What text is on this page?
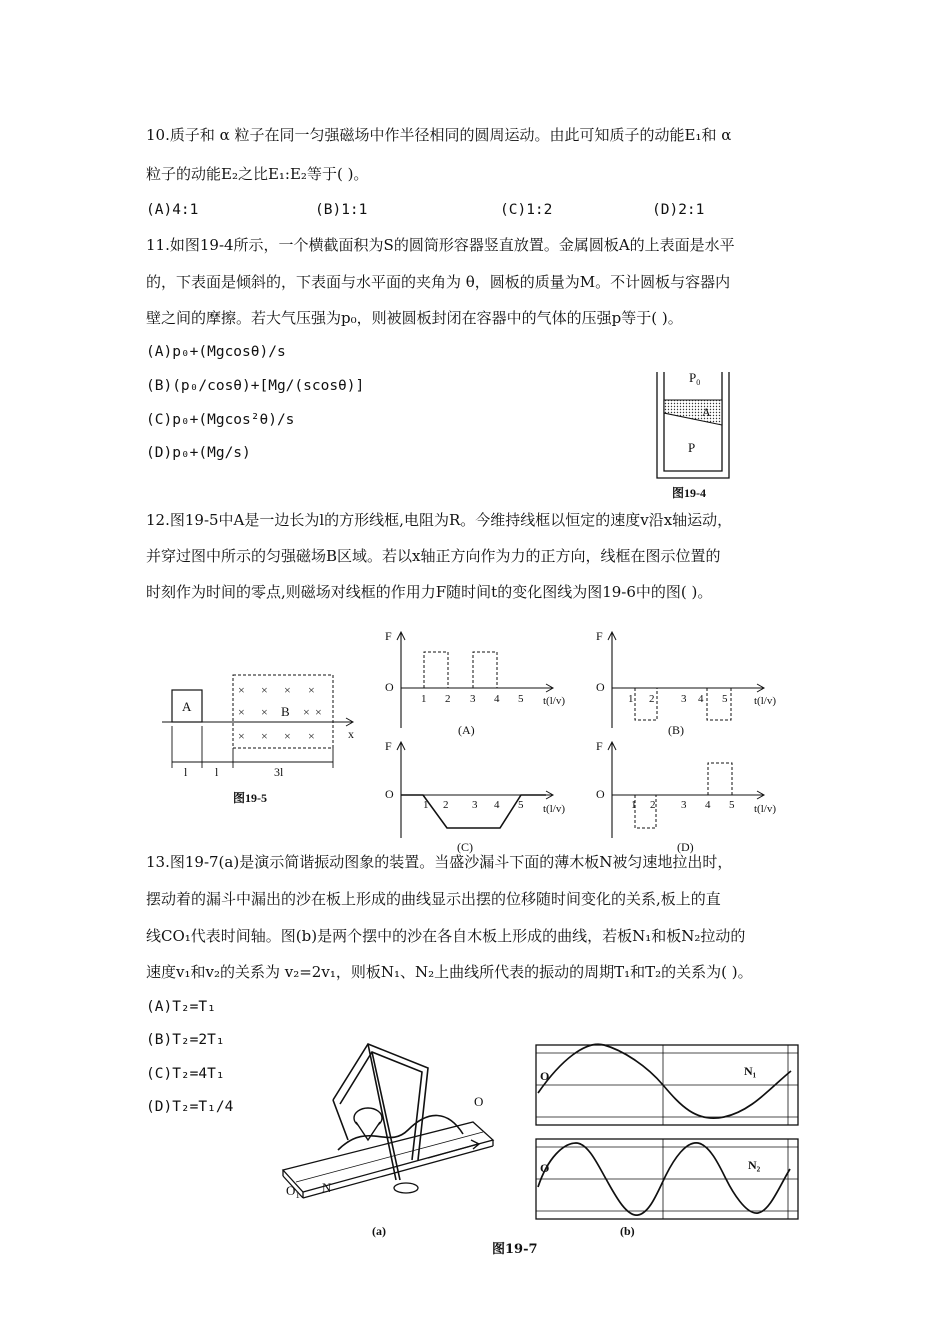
10.质子和 α 粒子在同一匀强磁场中作半径相同的圆周运动。由此可知质子的动能E₁和 α
粒子的动能E₂之比E₁:E₂等于( )。
(A)4:1	(B)1:1	(C)1:2	(D)2:1
11.如图19-4所示，一个横截面积为S的圆筒形容器竖直放置。金属圆板A的上表面是水平
的，下表面是倾斜的，下表面与水平面的夹角为 θ，圆板的质量为M。不计圆板与容器内
壁之间的摩擦。若大气压强为p₀，则被圆板封闭在容器中的气体的压强p等于( )。
(A)p₀+(Mgcosθ)/s
(B)(p₀/cosθ)+[Mg/(scosθ)]
(C)p₀+(Mgcos²θ)/s
(D)p₀+(Mg/s)
$P_0$
A
P
图19-4
12.图19-5中A是一边长为l的方形线框,电阻为R。今维持线框以恒定的速度v沿x轴运动，
并穿过图中所示的匀强磁场B区域。若以x轴正方向作为力的正方向，线框在图示位置的
时刻作为时间的零点,则磁场对线框的作用力F随时间t的变化图线为图19-6中的图( )。
A
× × × ×
× ×	× ×
× × × ×
B
x
l l	3l
图19-5
F
O
t(l/v)
1 2 3 4 5
(A)
F
O
t(l/v)
1 2 3 4 5
(B)
F
O
t(l/v)
1 2 3 4 5
(C)
F
O
t(l/v)
1 2 3 4 5
(D)
13.图19-7(a)是演示简谐振动图象的装置。当盛沙漏斗下面的薄木板N被匀速地拉出时，
摆动着的漏斗中漏出的沙在板上形成的曲线显示出摆的位移随时间变化的关系,板上的直
线CO₁代表时间轴。图(b)是两个摆中的沙在各自木板上形成的曲线，若板N₁和板N₂拉动的
速度v₁和v₂的关系为 v₂=2v₁，则板N₁、N₂上曲线所代表的振动的周期T₁和T₂的关系为( )。
(A)T₂=T₁
(B)T₂=2T₁
(C)T₂=4T₁
(D)T₂=T₁/4	O
$O_1$ N
(a)
O	N₁
O	N₂
(b)
图19-7
